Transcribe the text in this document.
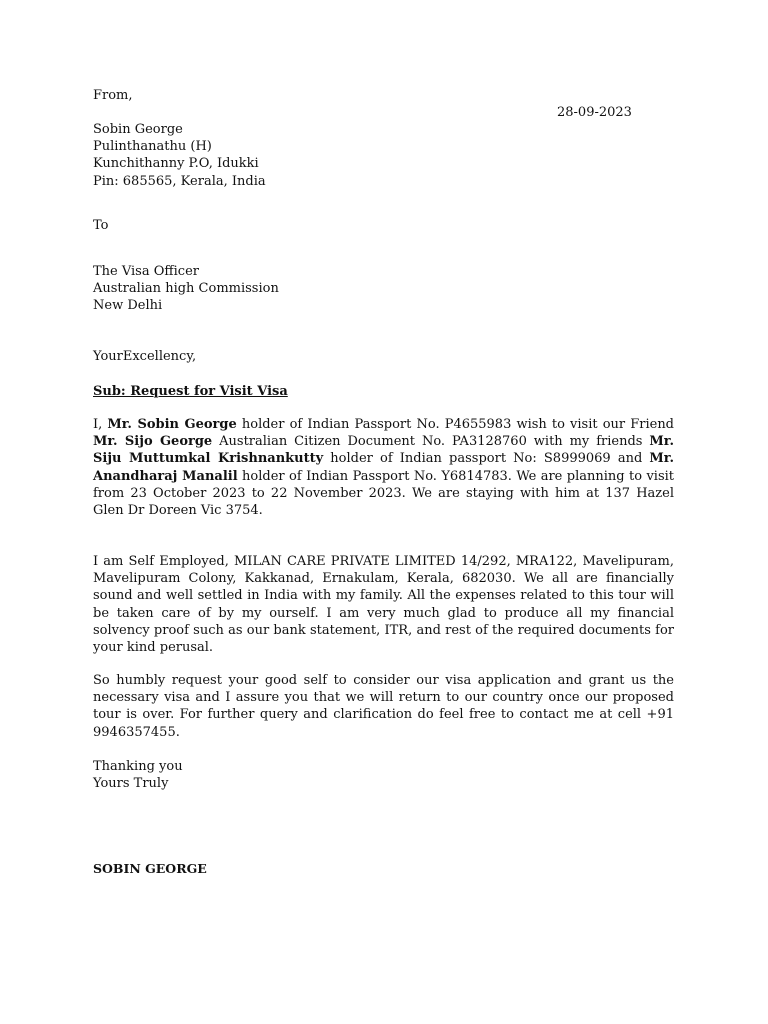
From,
28-09-2023
Sobin George
Pulinthanathu (H)
Kunchithanny P.O, Idukki
Pin: 685565, Kerala, India
To
The Visa Officer
Australian high Commission
New Delhi
YourExcellency,
Sub: Request for Visit Visa

I, Mr. Sobin George holder of Indian Passport No. P4655983 wish to visit our Friend Mr. Sijo George Australian Citizen Document No. PA3128760 with my friends Mr. Siju Muttumkal Krishnankutty holder of Indian passport No: S8999069 and Mr. Anandharaj Manalil holder of Indian Passport No. Y6814783. We are planning to visit from 23 October 2023 to 22 November 2023. We are staying with him at 137 Hazel Glen Dr Doreen Vic 3754.

I am Self Employed, MILAN CARE PRIVATE LIMITED 14/292, MRA122, Mavelipuram, Mavelipuram Colony, Kakkanad, Ernakulam, Kerala, 682030. We all are financially sound and well settled in India with my family. All the expenses related to this tour will be taken care of by my ourself. I am very much glad to produce all my financial solvency proof such as our bank statement, ITR, and rest of the required documents for your kind perusal.

So humbly request your good self to consider our visa application and grant us the necessary visa and I assure you that we will return to our country once our proposed tour is over. For further query and clarification do feel free to contact me at cell +91 9946357455.

Thanking you
Yours Truly
SOBIN GEORGE
